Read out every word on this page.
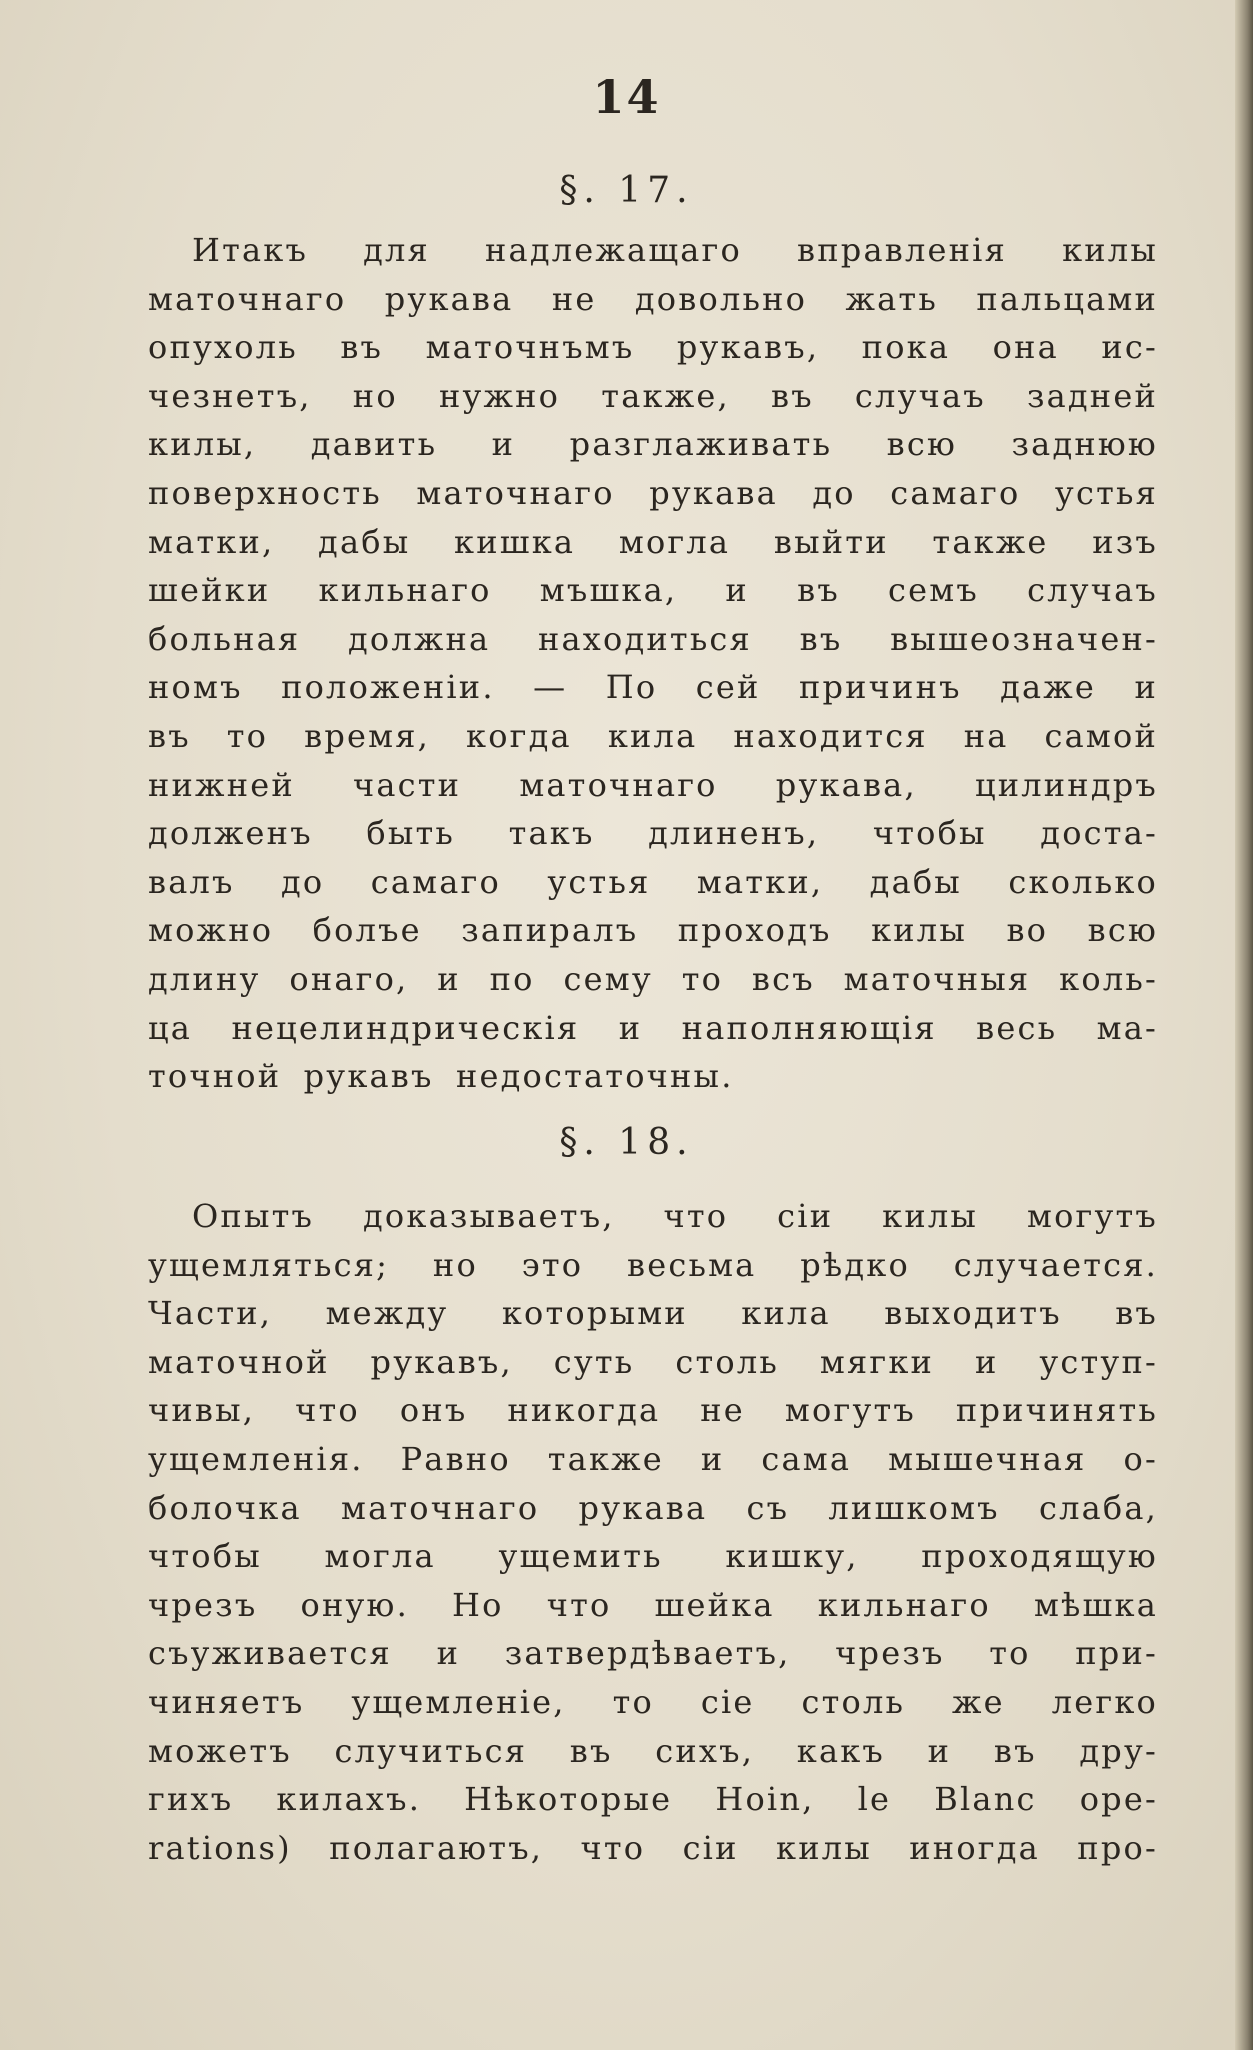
14
§. 17.
Итакъ для надлежащаго вправленія килы
маточнаго рукава не довольно жать пальцами
опухоль въ маточнъмъ рукавъ, пока она ис-
чезнетъ, но нужно также, въ случаъ задней
килы, давить и разглаживать всю заднюю
поверхность маточнаго рукава до самаго устья
матки, дабы кишка могла выйти также изъ
шейки кильнаго мъшка, и въ семъ случаъ
больная должна находиться въ вышеозначен-
номъ положеніи. — По сей причинъ даже и
въ то время, когда кила находится на самой
нижней части маточнаго рукава, цилиндръ
долженъ быть такъ длиненъ, чтобы доста-
валъ до самаго устья матки, дабы сколько
можно болъе запиралъ проходъ килы во всю
длину онаго, и по сему то всъ маточныя коль-
ца нецелиндрическія и наполняющія весь ма-
точной рукавъ недостаточны.
§. 18.
Опытъ доказываетъ, что сіи килы могутъ
ущемляться; но это весьма рѣдко случается.
Части, между которыми кила выходитъ въ
маточной рукавъ, суть столь мягки и уступ-
чивы, что онъ никогда не могутъ причинять
ущемленія. Равно также и сама мышечная о-
болочка маточнаго рукава съ лишкомъ слаба,
чтобы могла ущемить кишку, проходящую
чрезъ оную. Но что шейка кильнаго мѣшка
съуживается и затвердѣваетъ, чрезъ то при-
чиняетъ ущемленіе, то сіе столь же легко
можетъ случиться въ сихъ, какъ и въ дру-
гихъ килахъ. Нѣкоторые Hoin, le Blanc ope-
rations) полагаютъ, что сіи килы иногда про-
